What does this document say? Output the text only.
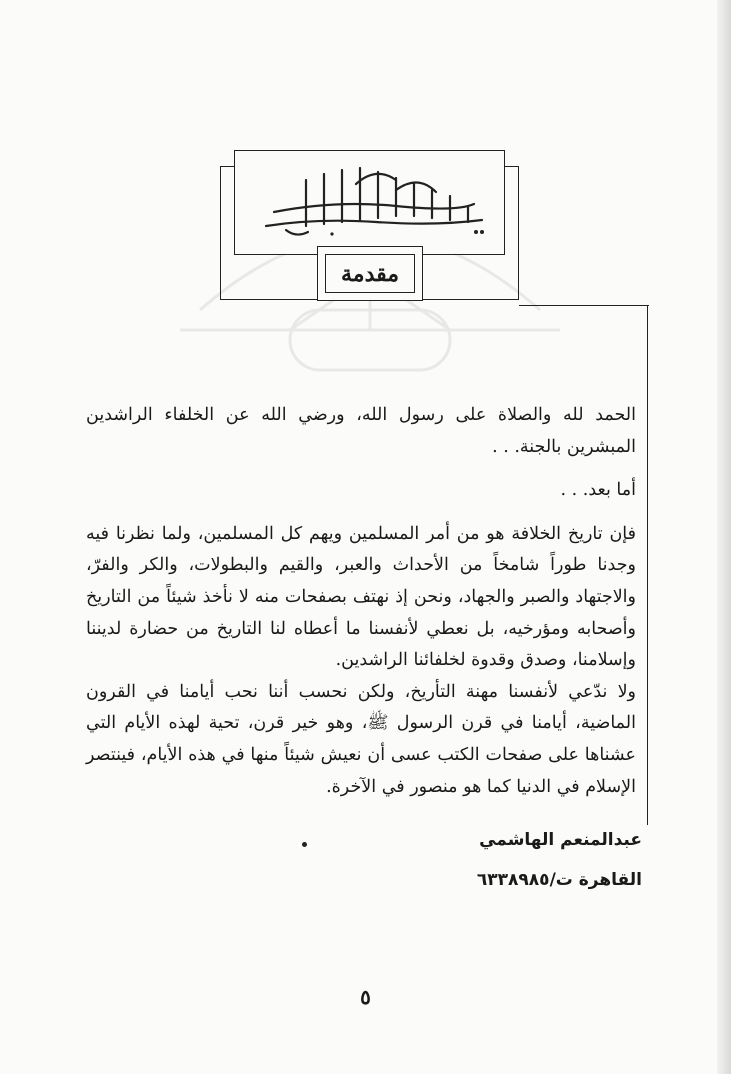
مقدمة

الحمد لله والصلاة على رسول الله، ورضي الله عن الخلفاء الراشدين المبشرين بالجنة. . .

أما بعد. . .

فإن تاريخ الخلافة هو من أمر المسلمين ويهم كل المسلمين، ولما نظرنا فيه وجدنا طوراً شامخاً من الأحداث والعبر، والقيم والبطولات، والكر والفرّ، والاجتهاد والصبر والجهاد، ونحن إذ نهتف بصفحات منه لا نأخذ شيئاً من التاريخ وأصحابه ومؤرخيه، بل نعطي لأنفسنا ما أعطاه لنا التاريخ من حضارة لديننا وإسلامنا، وصدق وقدوة لخلفائنا الراشدين.

ولا ندّعي لأنفسنا مهنة التأريخ، ولكن نحسب أننا نحب أيامنا في القرون الماضية، أيامنا في قرن الرسول ﷺ، وهو خير قرن، تحية لهذه الأيام التي عشناها على صفحات الكتب عسى أن نعيش شيئاً منها في هذه الأيام، فينتصر الإسلام في الدنيا كما هو منصور في الآخرة.

عبدالمنعم الهاشمي
القاهرة ت/٦٣٣٨٩٨٥
٥
